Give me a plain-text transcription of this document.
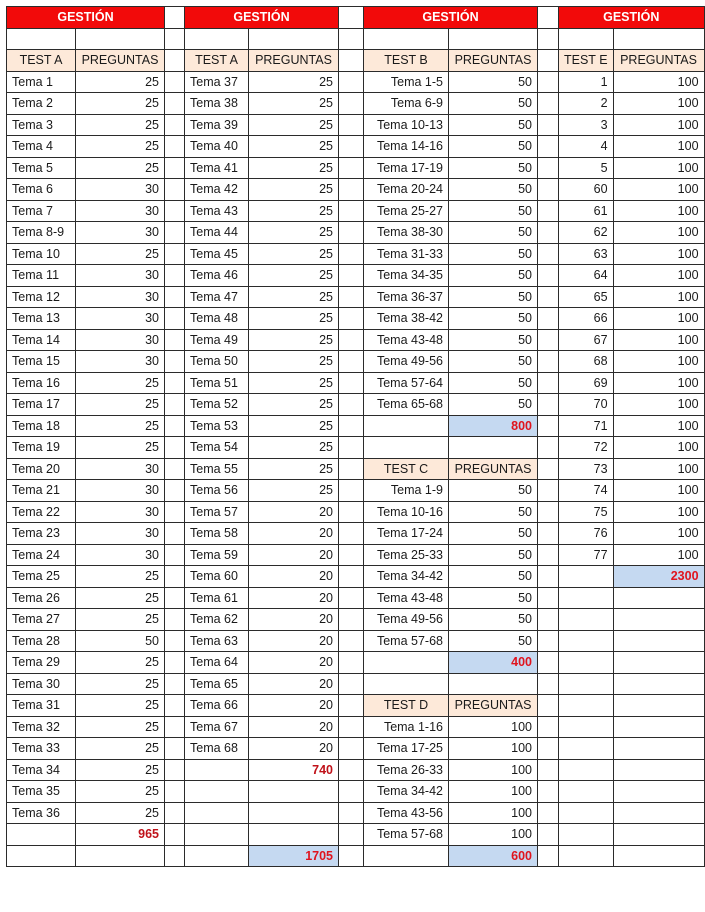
GESTIÓN			GESTIÓN			GESTIÓN			GESTIÓN	

TEST A	PREGUNTAS		TEST A	PREGUNTAS		TEST B	PREGUNTAS		TEST E	PREGUNTAS
Tema 1	25		Tema 37	25		Tema 1-5	50		1	100
Tema 2	25		Tema 38	25		Tema 6-9	50		2	100
Tema 3	25		Tema 39	25		Tema 10-13	50		3	100
Tema 4	25		Tema 40	25		Tema 14-16	50		4	100
Tema 5	25		Tema 41	25		Tema 17-19	50		5	100
Tema 6	30		Tema 42	25		Tema 20-24	50		60	100
Tema 7	30		Tema 43	25		Tema 25-27	50		61	100
Tema 8-9	30		Tema 44	25		Tema 38-30	50		62	100
Tema 10	25		Tema 45	25		Tema 31-33	50		63	100
Tema 11	30		Tema 46	25		Tema 34-35	50		64	100
Tema 12	30		Tema 47	25		Tema 36-37	50		65	100
Tema 13	30		Tema 48	25		Tema 38-42	50		66	100
Tema 14	30		Tema 49	25		Tema 43-48	50		67	100
Tema 15	30		Tema 50	25		Tema 49-56	50		68	100
Tema 16	25		Tema 51	25		Tema 57-64	50		69	100
Tema 17	25		Tema 52	25		Tema 65-68	50		70	100
Tema 18	25		Tema 53	25			800		71	100
Tema 19	25		Tema 54	25					72	100
Tema 20	30		Tema 55	25		TEST C	PREGUNTAS		73	100
Tema 21	30		Tema 56	25		Tema 1-9	50		74	100
Tema 22	30		Tema 57	20		Tema 10-16	50		75	100
Tema 23	30		Tema 58	20		Tema 17-24	50		76	100
Tema 24	30		Tema 59	20		Tema 25-33	50		77	100
Tema 25	25		Tema 60	20		Tema 34-42	50			2300
Tema 26	25		Tema 61	20		Tema 43-48	50			
Tema 27	25		Tema 62	20		Tema 49-56	50			
Tema 28	50		Tema 63	20		Tema 57-68	50			
Tema 29	25		Tema 64	20			400			
Tema 30	25		Tema 65	20						
Tema 31	25		Tema 66	20		TEST D	PREGUNTAS			
Tema 32	25		Tema 67	20		Tema 1-16	100			
Tema 33	25		Tema 68	20		Tema 17-25	100			
Tema 34	25			740		Tema 26-33	100			
Tema 35	25					Tema 34-42	100			
Tema 36	25					Tema 43-56	100			
	965					Tema 57-68	100			
				1705			600			
